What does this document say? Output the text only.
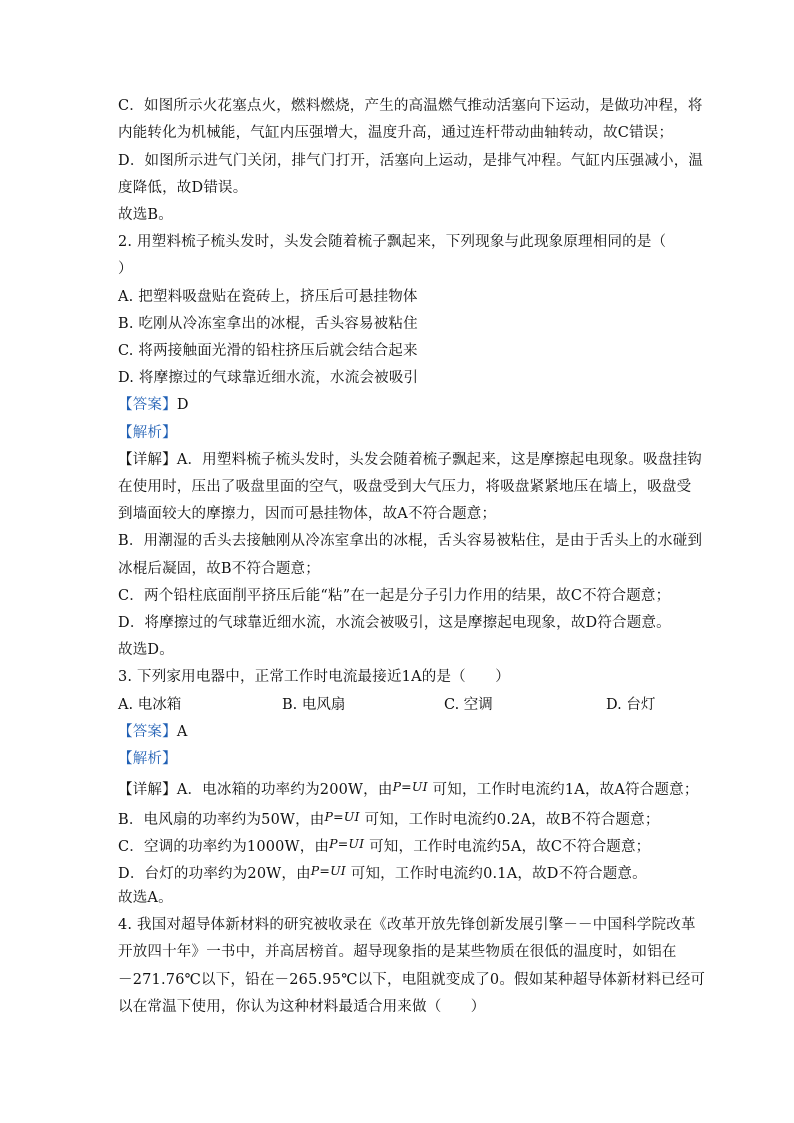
C．如图所示火花塞点火，燃料燃烧，产生的高温燃气推动活塞向下运动，是做功冲程，将
内能转化为机械能，气缸内压强增大，温度升高，通过连杆带动曲轴转动，故C错误；
D．如图所示进气门关闭，排气门打开，活塞向上运动，是排气冲程。气缸内压强减小，温
度降低，故D错误。
故选B。
2. 用塑料梳子梳头发时，头发会随着梳子飘起来，下列现象与此现象原理相同的是（
）
A. 把塑料吸盘贴在瓷砖上，挤压后可悬挂物体
B. 吃刚从冷冻室拿出的冰棍，舌头容易被粘住
C. 将两接触面光滑的铅柱挤压后就会结合起来
D. 将摩擦过的气球靠近细水流，水流会被吸引
【答案】D
【解析】
【详解】A．用塑料梳子梳头发时，头发会随着梳子飘起来，这是摩擦起电现象。吸盘挂钩
在使用时，压出了吸盘里面的空气，吸盘受到大气压力，将吸盘紧紧地压在墙上，吸盘受
到墙面较大的摩擦力，因而可悬挂物体，故A不符合题意；
B．用潮湿的舌头去接触刚从冷冻室拿出的冰棍，舌头容易被粘住，是由于舌头上的水碰到
冰棍后凝固，故B不符合题意；
C．两个铅柱底面削平挤压后能“粘”在一起是分子引力作用的结果，故C不符合题意；
D．将摩擦过的气球靠近细水流，水流会被吸引，这是摩擦起电现象，故D符合题意。
故选D。
3. 下列家用电器中，正常工作时电流最接近1A的是（　　）
A. 电冰箱	B. 电风扇	C. 空调	D. 台灯
【答案】A
【解析】
【详解】A．电冰箱的功率约为200W，由P=UI 可知，工作时电流约1A，故A符合题意；
B．电风扇的功率约为50W，由P=UI 可知，工作时电流约0.2A，故B不符合题意；
C．空调的功率约为1000W，由P=UI 可知，工作时电流约5A，故C不符合题意；
D．台灯的功率约为20W，由P=UI 可知，工作时电流约0.1A，故D不符合题意。
故选A。
4. 我国对超导体新材料的研究被收录在《改革开放先锋创新发展引擎－－中国科学院改革
开放四十年》一书中，并高居榜首。超导现象指的是某些物质在很低的温度时，如铝在
－271.76℃以下，铅在－265.95℃以下，电阻就变成了0。假如某种超导体新材料已经可
以在常温下使用，你认为这种材料最适合用来做（　　）
